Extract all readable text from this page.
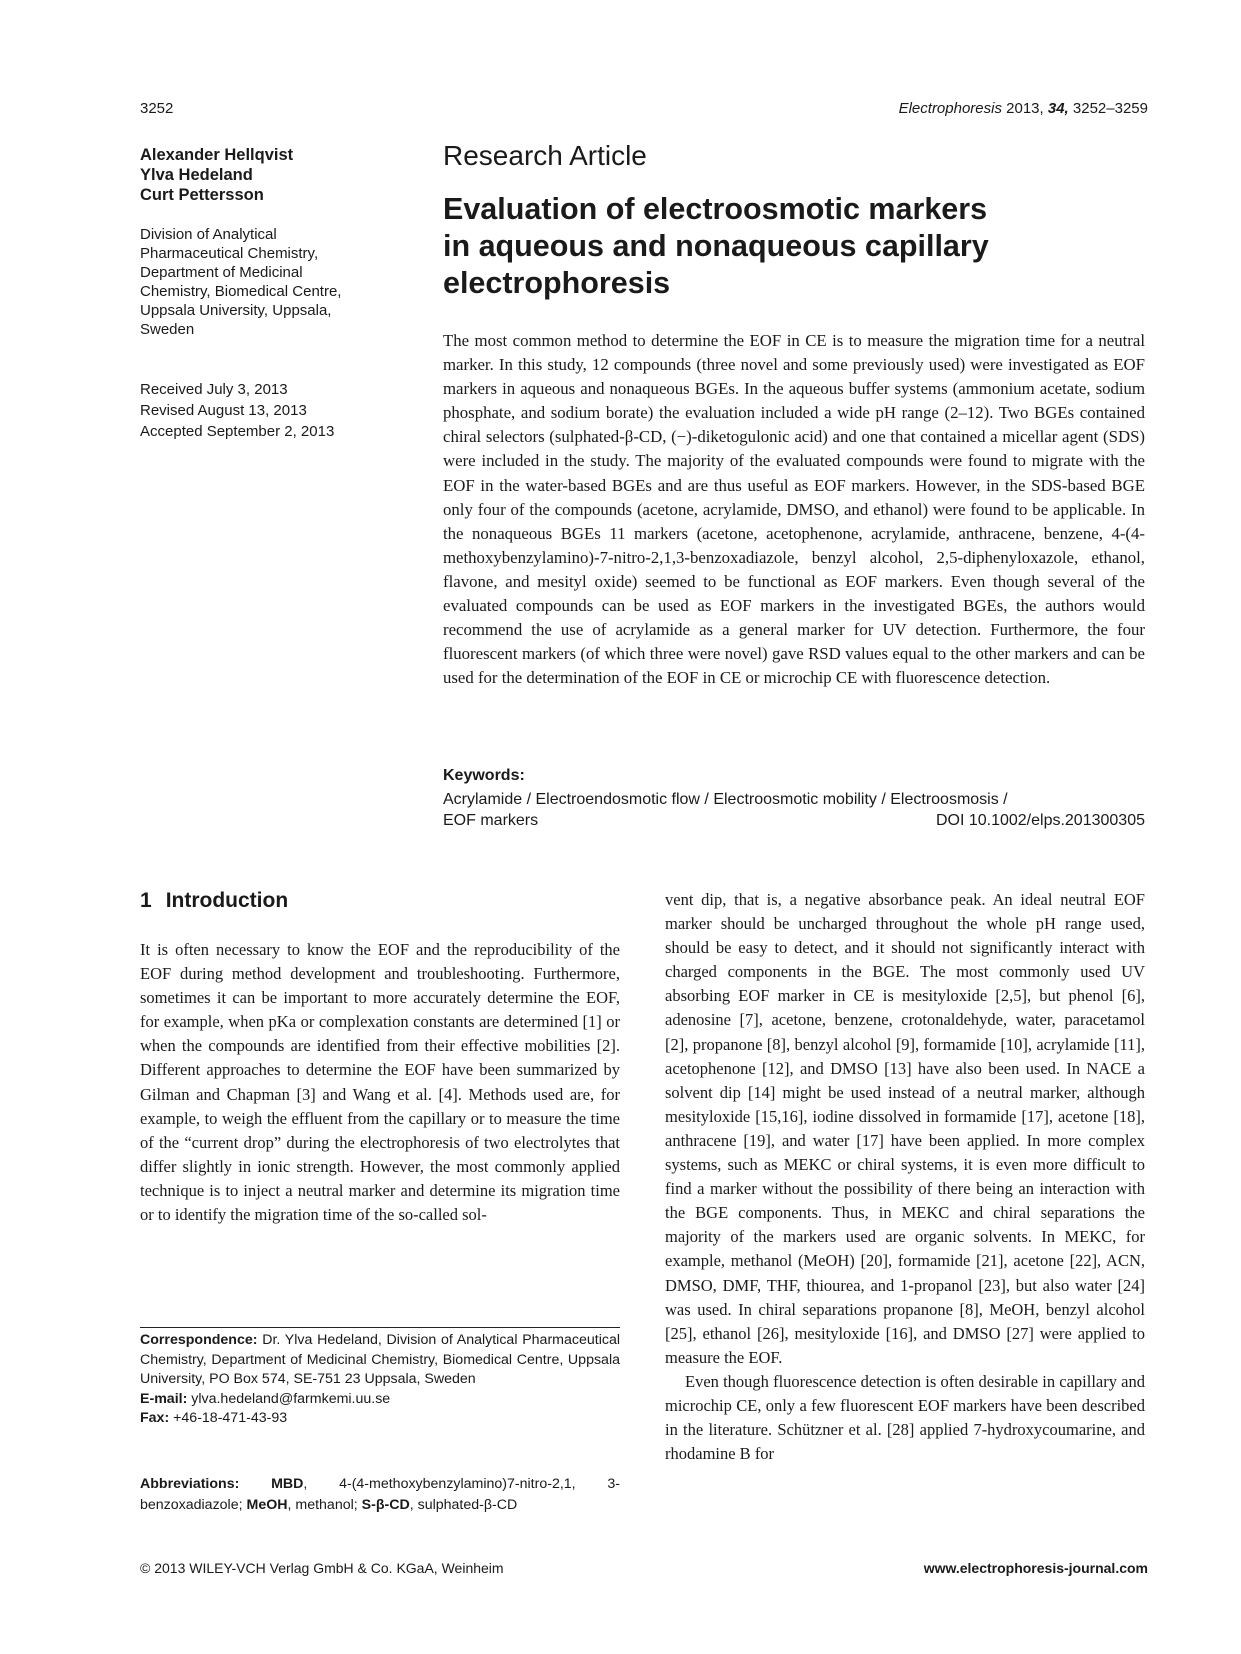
3252	Electrophoresis 2013, 34, 3252–3259
Alexander Hellqvist
Ylva Hedeland
Curt Pettersson
Division of Analytical
Pharmaceutical Chemistry,
Department of Medicinal
Chemistry, Biomedical Centre,
Uppsala University, Uppsala,
Sweden
Received July 3, 2013
Revised August 13, 2013
Accepted September 2, 2013
Research Article
Evaluation of electroosmotic markers
in aqueous and nonaqueous capillary
electrophoresis
The most common method to determine the EOF in CE is to measure the migration time for a neutral marker. In this study, 12 compounds (three novel and some previously used) were investigated as EOF markers in aqueous and nonaqueous BGEs. In the aqueous buffer systems (ammonium acetate, sodium phosphate, and sodium borate) the evaluation included a wide pH range (2–12). Two BGEs contained chiral selectors (sulphated-β-CD, (−)-diketogulonic acid) and one that contained a micellar agent (SDS) were included in the study. The majority of the evaluated compounds were found to migrate with the EOF in the water-based BGEs and are thus useful as EOF markers. However, in the SDS-based BGE only four of the compounds (acetone, acrylamide, DMSO, and ethanol) were found to be applicable. In the nonaqueous BGEs 11 markers (acetone, acetophenone, acrylamide, anthracene, benzene, 4-(4-methoxybenzylamino)-7-nitro-2,1,3-benzoxadiazole, benzyl alcohol, 2,5-diphenyloxazole, ethanol, flavone, and mesityl oxide) seemed to be functional as EOF markers. Even though several of the evaluated compounds can be used as EOF markers in the investigated BGEs, the authors would recommend the use of acrylamide as a general marker for UV detection. Furthermore, the four fluorescent markers (of which three were novel) gave RSD values equal to the other markers and can be used for the determination of the EOF in CE or microchip CE with fluorescence detection.
Keywords:
Acrylamide / Electroendosmotic flow / Electroosmotic mobility / Electroosmosis /
EOF markers	DOI 10.1002/elps.201300305
1 Introduction

It is often necessary to know the EOF and the reproducibility of the EOF during method development and troubleshooting. Furthermore, sometimes it can be important to more accurately determine the EOF, for example, when pKa or complexation constants are determined [1] or when the compounds are identified from their effective mobilities [2]. Different approaches to determine the EOF have been summarized by Gilman and Chapman [3] and Wang et al. [4]. Methods used are, for example, to weigh the effluent from the capillary or to measure the time of the “current drop” during the electrophoresis of two electrolytes that differ slightly in ionic strength. However, the most commonly applied technique is to inject a neutral marker and determine its migration time or to identify the migration time of the so-called sol-

vent dip, that is, a negative absorbance peak. An ideal neutral EOF marker should be uncharged throughout the whole pH range used, should be easy to detect, and it should not significantly interact with charged components in the BGE. The most commonly used UV absorbing EOF marker in CE is mesityloxide [2,5], but phenol [6], adenosine [7], acetone, benzene, crotonaldehyde, water, paracetamol [2], propanone [8], benzyl alcohol [9], formamide [10], acrylamide [11], acetophenone [12], and DMSO [13] have also been used. In NACE a solvent dip [14] might be used instead of a neutral marker, although mesityloxide [15,16], iodine dissolved in formamide [17], acetone [18], anthracene [19], and water [17] have been applied. In more complex systems, such as MEKC or chiral systems, it is even more difficult to find a marker without the possibility of there being an interaction with the BGE components. Thus, in MEKC and chiral separations the majority of the markers used are organic solvents. In MEKC, for example, methanol (MeOH) [20], formamide [21], acetone [22], ACN, DMSO, DMF, THF, thiourea, and 1-propanol [23], but also water [24] was used. In chiral separations propanone [8], MeOH, benzyl alcohol [25], ethanol [26], mesityloxide [16], and DMSO [27] were applied to measure the EOF.

Even though fluorescence detection is often desirable in capillary and microchip CE, only a few fluorescent EOF markers have been described in the literature. Schützner et al. [28] applied 7-hydroxycoumarine, and rhodamine B for

Correspondence: Dr. Ylva Hedeland, Division of Analytical Pharmaceutical Chemistry, Department of Medicinal Chemistry, Biomedical Centre, Uppsala University, PO Box 574, SE-751 23 Uppsala, Sweden
E-mail: ylva.hedeland@farmkemi.uu.se
Fax: +46-18-471-43-93
Abbreviations: MBD, 4-(4-methoxybenzylamino)7-nitro-2,1, 3-benzoxadiazole; MeOH, methanol; S-β-CD, sulphated-β-CD
© 2013 WILEY-VCH Verlag GmbH & Co. KGaA, Weinheim	www.electrophoresis-journal.com
